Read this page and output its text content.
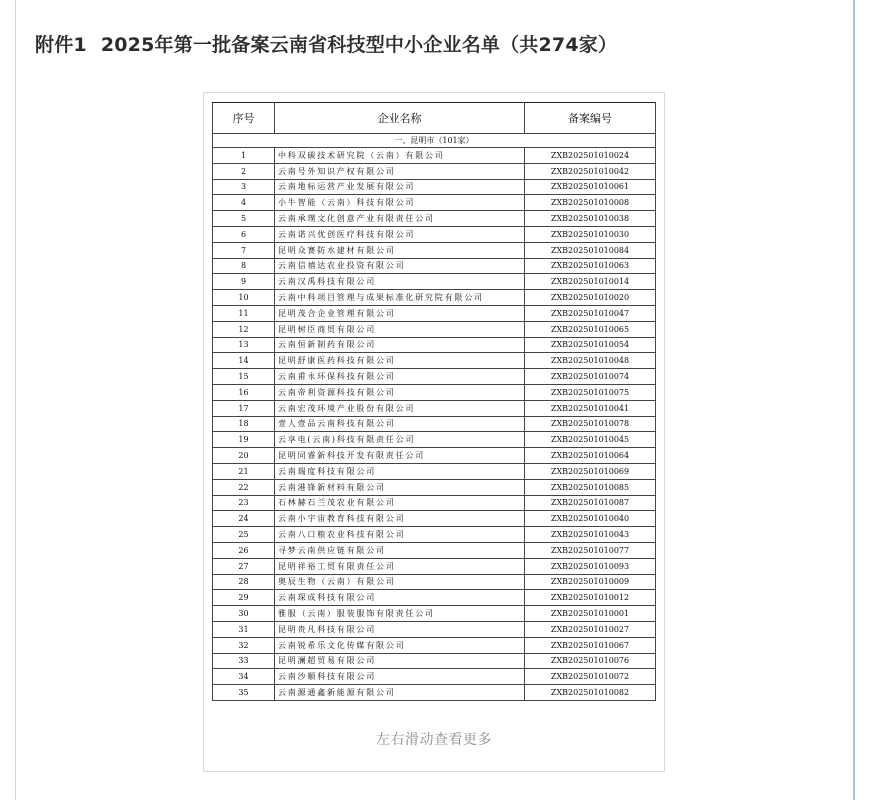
附件1 2025年第一批备案云南省科技型中小企业名单（共274家）
序号	企业名称	备案编号
一、昆明市（101家）		
1	中科双碳技术研究院（云南）有限公司	ZXB202501010024
2	云南号外知识产权有限公司	ZXB202501010042
3	云南地标运营产业发展有限公司	ZXB202501010061
4	小牛智能（云南）科技有限公司	ZXB202501010008
5	云南承璞文化创意产业有限责任公司	ZXB202501010038
6	云南诺兴优创医疗科技有限公司	ZXB202501010030
7	昆明众赛防水建材有限公司	ZXB202501010084
8	云南信禧达农业投资有限公司	ZXB202501010063
9	云南汉禹科技有限公司	ZXB202501010014
10	云南中科项目管理与成果标准化研究院有限公司	ZXB202501010020
11	昆明茂合企业管理有限公司	ZXB202501010047
12	昆明树臣商贸有限公司	ZXB202501010065
13	云南恒新制药有限公司	ZXB202501010054
14	昆明舒康医药科技有限公司	ZXB202501010048
15	云南甫永环保科技有限公司	ZXB202501010074
16	云南帝利资源科技有限公司	ZXB202501010075
17	云南宏茂环境产业股份有限公司	ZXB202501010041
18	壹人壹品云南科技有限公司	ZXB202501010078
19	云享电(云南)科技有限责任公司	ZXB202501010045
20	昆明同睿新科技开发有限责任公司	ZXB202501010064
21	云南瑞度科技有限公司	ZXB202501010069
22	云南港锋新材料有限公司	ZXB202501010085
23	石林赫石兰茂农业有限公司	ZXB202501010087
24	云南小宇宙教育科技有限公司	ZXB202501010040
25	云南八口粮农业科技有限公司	ZXB202501010043
26	寻梦云南供应链有限公司	ZXB202501010077
27	昆明祥裕工贸有限责任公司	ZXB202501010093
28	奥辰生物（云南）有限公司	ZXB202501010009
29	云南琛成科技有限公司	ZXB202501010012
30	雅服（云南）服装服饰有限责任公司	ZXB202501010001
31	昆明贵凡科技有限公司	ZXB202501010027
32	云南锐希乐文化传媒有限公司	ZXB202501010067
33	昆明澜超贸易有限公司	ZXB202501010076
34	云南沙顺科技有限公司	ZXB202501010072
35	云南源通鑫新能源有限公司	ZXB202501010082
左右滑动查看更多
